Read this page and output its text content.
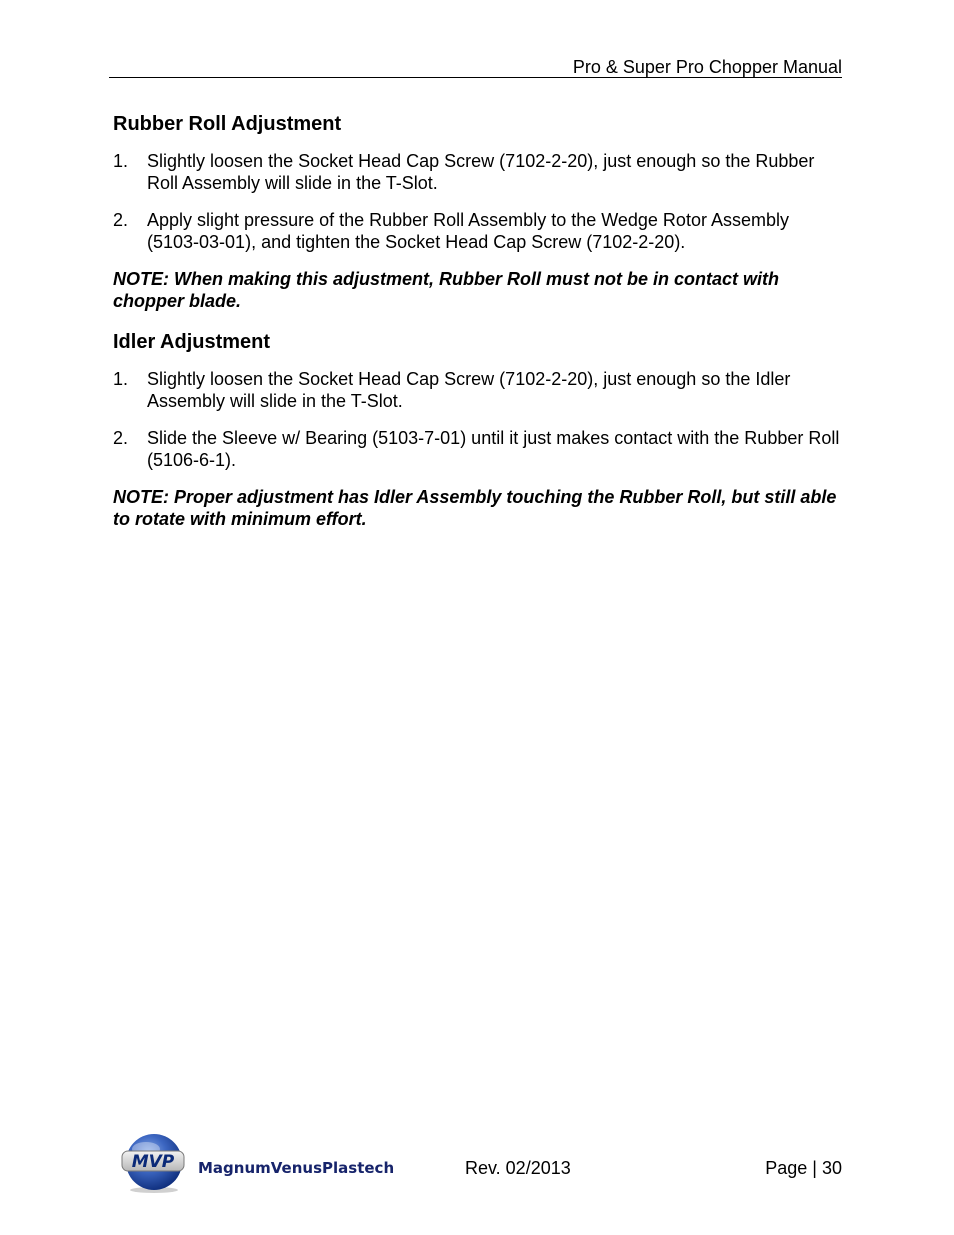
Pro & Super Pro Chopper Manual
Rubber Roll Adjustment
1. Slightly loosen the Socket Head Cap Screw (7102-2-20), just enough so the Rubber Roll Assembly will slide in the T-Slot.
2. Apply slight pressure of the Rubber Roll Assembly to the Wedge Rotor Assembly (5103-03-01), and tighten the Socket Head Cap Screw (7102-2-20).

NOTE: When making this adjustment, Rubber Roll must not be in contact with chopper blade.

Idler Adjustment
1. Slightly loosen the Socket Head Cap Screw (7102-2-20), just enough so the Idler Assembly will slide in the T-Slot.
2. Slide the Sleeve w/ Bearing (5103-7-01) until it just makes contact with the Rubber Roll (5106-6-1).

NOTE: Proper adjustment has Idler Assembly touching the Rubber Roll, but still able to rotate with minimum effort.

MVP MagnumVenusPlastech	Rev. 02/2013	Page | 30
